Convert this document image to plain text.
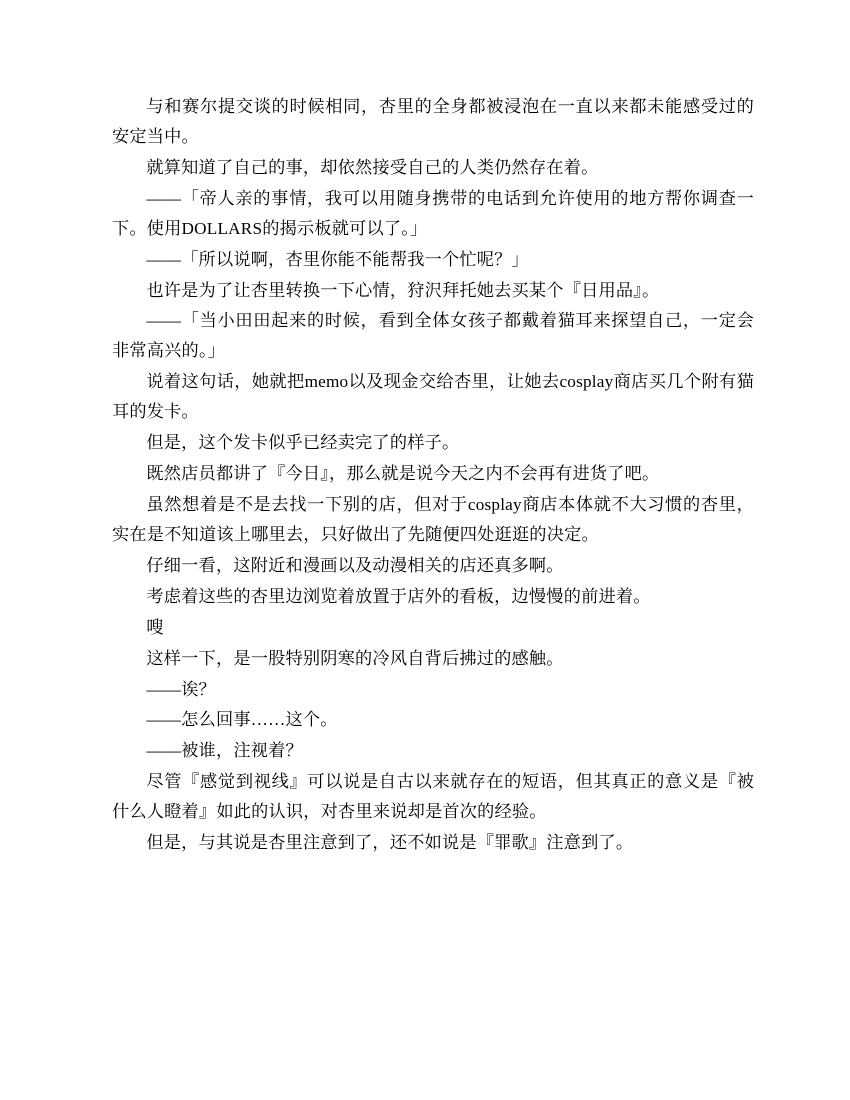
与和赛尔提交谈的时候相同，杏里的全身都被浸泡在一直以来都未能感受过的安定当中。

就算知道了自己的事，却依然接受自己的人类仍然存在着。

——「帝人亲的事情，我可以用随身携带的电话到允许使用的地方帮你调查一下。使用DOLLARS的揭示板就可以了。」

——「所以说啊，杏里你能不能帮我一个忙呢？」

也许是为了让杏里转换一下心情，狩沢拜托她去买某个『日用品』。

——「当小田田起来的时候，看到全体女孩子都戴着猫耳来探望自己，一定会非常高兴的。」

说着这句话，她就把memo以及现金交给杏里，让她去cosplay商店买几个附有猫耳的发卡。

但是，这个发卡似乎已经卖完了的样子。

既然店员都讲了『今日』，那么就是说今天之内不会再有进货了吧。

虽然想着是不是去找一下别的店，但对于cosplay商店本体就不大习惯的杏里，实在是不知道该上哪里去，只好做出了先随便四处逛逛的决定。

仔细一看，这附近和漫画以及动漫相关的店还真多啊。

考虑着这些的杏里边浏览着放置于店外的看板，边慢慢的前进着。

嗖

这样一下，是一股特别阴寒的冷风自背后拂过的感触。

——诶？

——怎么回事……这个。

——被谁，注视着？

尽管『感觉到视线』可以说是自古以来就存在的短语，但其真正的意义是『被什么人瞪着』如此的认识，对杏里来说却是首次的经验。

但是，与其说是杏里注意到了，还不如说是『罪歌』注意到了。
